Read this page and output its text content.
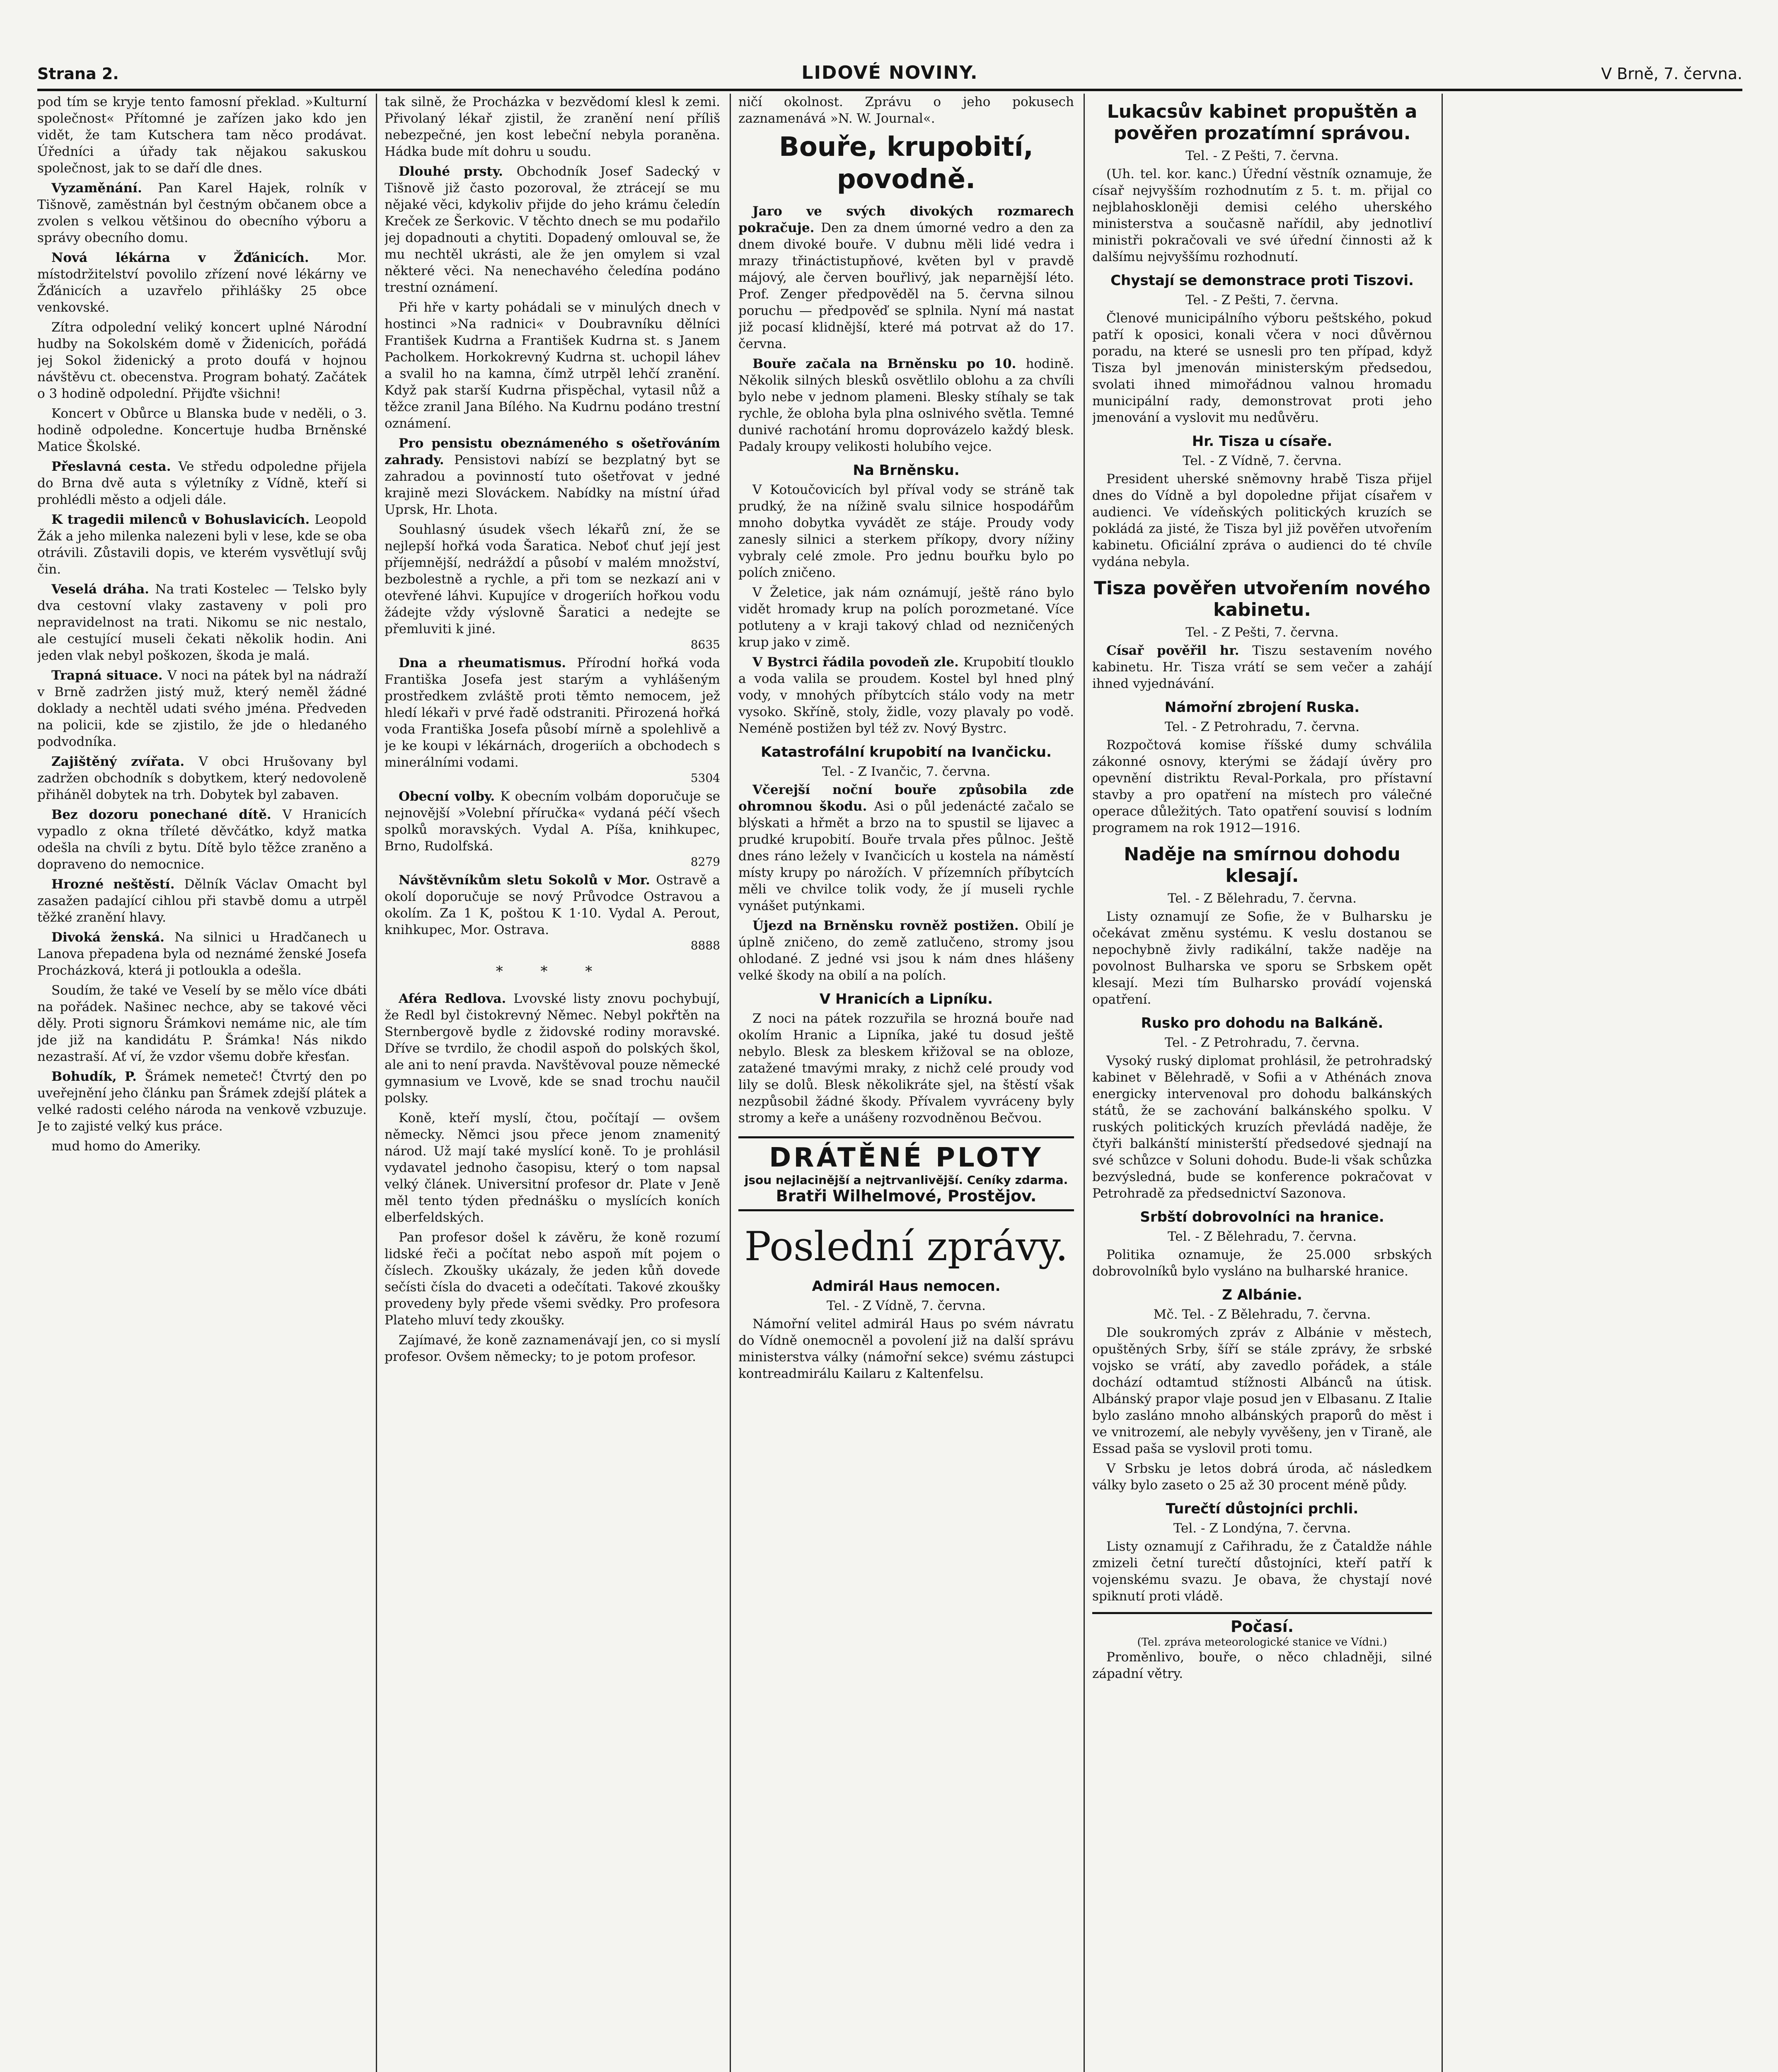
Strana 2.	LIDOVÉ NOVINY.	V Brně, 7. června.

pod tím se kryje tento famosní překlad. »Kulturní společnost« Přítomné je zařízen jako kdo jen vidět, že tam Kutschera tam něco prodávat. Úředníci a úřady tak nějakou sakuskou společnost, jak to se daří dle dnes.

Vyzaměnání. Pan Karel Hajek, rolník v Tišnově, zaměstnán byl čestným občanem obce a zvolen s velkou většinou do obecního výboru a správy obecního domu.

Nová lékárna v Žďánicích. Mor. místodržitelství povolilo zřízení nové lékárny ve Žďánicích a uzavřelo přihlášky 25 obce venkovské.

Zítra odpolední veliký koncert uplné Národní hudby na Sokolském domě v Židenicích, pořádá jej Sokol židenický a proto doufá v hojnou návštěvu ct. obecenstva. Program bohatý. Začátek o 3 hodině odpolední. Přijďte všichni!

Koncert v Obůrce u Blanska bude v neděli, o 3. hodině odpoledne. Koncertuje hudba Brněnské Matice Školské.

Přeslavná cesta. Ve středu odpoledne přijela do Brna dvě auta s výletníky z Vídně, kteří si prohlédli město a odjeli dále.

K tragedii milenců v Bohuslavicích. Leopold Žák a jeho milenka nalezeni byli v lese, kde se oba otrávili. Zůstavili dopis, ve kterém vysvětlují svůj čin.

Veselá dráha. Na trati Kostelec — Telsko byly dva cestovní vlaky zastaveny v poli pro nepravidelnost na trati. Nikomu se nic nestalo, ale cestující museli čekati několik hodin. Ani jeden vlak nebyl poškozen, škoda je malá.

Trapná situace. V noci na pátek byl na nádraží v Brně zadržen jistý muž, který neměl žádné doklady a nechtěl udati svého jména. Předveden na policii, kde se zjistilo, že jde o hledaného podvodníka.

Zajištěný zvířata. V obci Hrušovany byl zadržen obchodník s dobytkem, který nedovoleně přiháněl dobytek na trh. Dobytek byl zabaven.

Bez dozoru ponechané dítě. V Hranicích vypadlo z okna tříleté děvčátko, když matka odešla na chvíli z bytu. Dítě bylo těžce zraněno a dopraveno do nemocnice.

Hrozné neštěstí. Dělník Václav Omacht byl zasažen padající cihlou při stavbě domu a utrpěl těžké zranění hlavy.

Divoká ženská. Na silnici u Hradčanech u Lanova přepadena byla od neznámé ženské Josefa Procházková, která ji potloukla a odešla.

Soudím, že také ve Veselí by se mělo více dbáti na pořádek. Našinec nechce, aby se takové věci děly. Proti signoru Šrámkovi nemáme nic, ale tím jde již na kandidátu P. Šrámka! Nás nikdo nezastraší. Ať ví, že vzdor všemu dobře křesťan.

Bohudík, P. Šrámek nemeteč! Čtvrtý den po uveřejnění jeho článku pan Šrámek zdejší plátek a velké radosti celého národa na venkově vzbuzuje. Je to zajisté velký kus práce.

mud homo do Ameriky.

tak silně, že Procházka v bezvědomí klesl k zemi. Přivolaný lékař zjistil, že zranění není příliš nebezpečné, jen kost lebeční nebyla poraněna. Hádka bude mít dohru u soudu.

Dlouhé prsty. Obchodník Josef Sadecký v Tišnově již často pozoroval, že ztrácejí se mu nějaké věci, kdykoliv přijde do jeho krámu čeledín Kreček ze Šerkovic. V těchto dnech se mu podařilo jej dopadnouti a chytiti. Dopadený omlouval se, že mu nechtěl ukrásti, ale že jen omylem si vzal některé věci. Na nenechavého čeledína podáno trestní oznámení.

Při hře v karty pohádali se v minulých dnech v hostinci »Na radnici« v Doubravníku dělníci František Kudrna a František Kudrna st. s Janem Pacholkem. Horkokrevný Kudrna st. uchopil láhev a svalil ho na kamna, čímž utrpěl lehčí zranění. Když pak starší Kudrna přispěchal, vytasil nůž a těžce zranil Jana Bílého. Na Kudrnu podáno trestní oznámení.

Pro pensistu obeznámeného s ošetřováním zahrady. Pensistovi nabízí se bezplatný byt se zahradou a povinností tuto ošetřovat v jedné krajině mezi Slováckem. Nabídky na místní úřad Uprsk, Hr. Lhota.

Souhlasný úsudek všech lékařů zní, že se nejlepší hořká voda Šaratica. Neboť chuť její jest příjemnější, nedráždí a působí v malém množství, bezbolestně a rychle, a při tom se nezkazí ani v otevřené láhvi. Kupujíce v drogeriích hořkou vodu žádejte vždy výslovně Šaratici a nedejte se přemluviti k jiné.

8635

Dna a rheumatismus. Přírodní hořká voda Františka Josefa jest starým a vyhlášeným prostředkem zvláště proti těmto nemocem, jež hledí lékaři v prvé řadě odstraniti. Přirozená hořká voda Františka Josefa působí mírně a spolehlivě a je ke koupi v lékárnách, drogeriích a obchodech s minerálními vodami.

5304

Obecní volby. K obecním volbám doporučuje se nejnovější »Volební příručka« vydaná péčí všech spolků moravských. Vydal A. Píša, knihkupec, Brno, Rudolfská.

8279

Návštěvníkům sletu Sokolů v Mor. Ostravě a okolí doporučuje se nový Průvodce Ostravou a okolím. Za 1 K, poštou K 1·10. Vydal A. Perout, knihkupec, Mor. Ostrava.

8888
* * *

Aféra Redlova. Lvovské listy znovu pochybují, že Redl byl čistokrevný Němec. Nebyl pokřtěn na Sternbergově bydle z židovské rodiny moravské. Dříve se tvrdilo, že chodil aspoň do polských škol, ale ani to není pravda. Navštěvoval pouze německé gymnasium ve Lvově, kde se snad trochu naučil polsky.

Koně, kteří myslí, čtou, počítají — ovšem německy. Němci jsou přece jenom znamenitý národ. Už mají také myslící koně. To je prohlásil vydavatel jednoho časopisu, který o tom napsal velký článek. Universitní profesor dr. Plate v Jeně měl tento týden přednášku o myslících koních elberfeldských.

Pan profesor došel k závěru, že koně rozumí lidské řeči a počítat nebo aspoň mít pojem o číslech. Zkoušky ukázaly, že jeden kůň dovede sečísti čísla do dvaceti a odečítati. Takové zkoušky provedeny byly přede všemi svědky. Pro profesora Plateho mluví tedy zkoušky.

Zajímavé, že koně zaznamenávají jen, co si myslí profesor. Ovšem německy; to je potom profesor.

ničí okolnost. Zprávu o jeho pokusech zaznamenává »N. W. Journal«.

Bouře, krupobití, povodně.

Jaro ve svých divokých rozmarech pokračuje. Den za dnem úmorné vedro a den za dnem divoké bouře. V dubnu měli lidé vedra i mrazy třináctistupňové, květen byl v pravdě májový, ale červen bouřlivý, jak neparnější léto. Prof. Zenger předpověděl na 5. června silnou poruchu — předpověď se splnila. Nyní má nastat již pocasí klidnější, které má potrvat až do 17. června.

Bouře začala na Brněnsku po 10. hodině. Několik silných blesků osvětlilo oblohu a za chvíli bylo nebe v jednom plameni. Blesky stíhaly se tak rychle, že obloha byla plna oslnivého světla. Temné dunivé rachotání hromu doprovázelo každý blesk. Padaly kroupy velikosti holubího vejce.

Na Brněnsku.

V Kotoučovicích byl příval vody se stráně tak prudký, že na nížině svalu silnice hospodářům mnoho dobytka vyvádět ze stáje. Proudy vody zanesly silnici a sterkem příkopy, dvory nížiny vybraly celé zmole. Pro jednu bouřku bylo po polích zničeno.

V Želetice, jak nám oznámují, ještě ráno bylo vidět hromady krup na polích porozmetané. Více potluteny a v kraji takový chlad od nezničených krup jako v zimě.

V Bystrci řádila povodeň zle. Krupobití tlouklo a voda valila se proudem. Kostel byl hned plný vody, v mnohých příbytcích stálo vody na metr vysoko. Skříně, stoly, židle, vozy plavaly po vodě. Neméně postižen byl též zv. Nový Bystrc.

Katastrofální krupobití na Ivančicku.
Tel. - Z Ivančic, 7. června.

Včerejší noční bouře způsobila zde ohromnou škodu. Asi o půl jedenácté začalo se blýskati a hřmět a brzo na to spustil se lijavec a prudké krupobití. Bouře trvala přes půlnoc. Ještě dnes ráno ležely v Ivančicích u kostela na náměstí místy krupy po nárožích. V přízemních příbytcích měli ve chvilce tolik vody, že jí museli rychle vynášet putýnkami.

Újezd na Brněnsku rovněž postižen. Obilí je úplně zničeno, do země zatlučeno, stromy jsou ohlodané. Z jedné vsi jsou k nám dnes hlášeny velké škody na obilí a na polích.

V Hranicích a Lipníku.

Z noci na pátek rozzuřila se hrozná bouře nad okolím Hranic a Lipníka, jaké tu dosud ještě nebylo. Blesk za bleskem křižoval se na obloze, zatažené tmavými mraky, z nichž celé proudy vod lily se dolů. Blesk několikráte sjel, na štěstí však nezpůsobil žádné škody. Přívalem vyvráceny byly stromy a keře a unášeny rozvodněnou Bečvou.

DRÁTĚNÉ PLOTY
jsou nejlacinější a nejtrvanlivější. Ceníky zdarma.
Bratři Wilhelmové, Prostějov.
Poslední zprávy.
Admirál Haus nemocen.
Tel. - Z Vídně, 7. června.

Námořní velitel admirál Haus po svém návratu do Vídně onemocněl a povolení již na další správu ministerstva války (námořní sekce) svému zástupci kontreadmirálu Kailaru z Kaltenfelsu.

Lukacsův kabinet propuštěn a pověřen prozatímní správou.
Tel. - Z Pešti, 7. června.

(Uh. tel. kor. kanc.) Úřední věstník oznamuje, že císař nejvyšším rozhodnutím z 5. t. m. přijal co nejblahoskloněji demisi celého uherského ministerstva a současně nařídil, aby jednotliví ministři pokračovali ve své úřední činnosti až k dalšímu nejvyššímu rozhodnutí.

Chystají se demonstrace proti Tiszovi.
Tel. - Z Pešti, 7. června.

Členové municipálního výboru peštského, pokud patří k oposici, konali včera v noci důvěrnou poradu, na které se usnesli pro ten případ, když Tisza byl jmenován ministerským předsedou, svolati ihned mimořádnou valnou hromadu municipální rady, demonstrovat proti jeho jmenování a vyslovit mu nedůvěru.

Hr. Tisza u císaře.
Tel. - Z Vídně, 7. června.

President uherské sněmovny hrabě Tisza přijel dnes do Vídně a byl dopoledne přijat císařem v audienci. Ve vídeňských politických kruzích se pokládá za jisté, že Tisza byl již pověřen utvořením kabinetu. Oficiální zpráva o audienci do té chvíle vydána nebyla.

Tisza pověřen utvořením nového kabinetu.
Tel. - Z Pešti, 7. června.

Císař pověřil hr. Tiszu sestavením nového kabinetu. Hr. Tisza vrátí se sem večer a zahájí ihned vyjednávání.

Námořní zbrojení Ruska.
Tel. - Z Petrohradu, 7. června.

Rozpočtová komise říšské dumy schválila zákonné osnovy, kterými se žádají úvěry pro opevnění distriktu Reval-Porkala, pro přístavní stavby a pro opatření na místech pro válečné operace důležitých. Tato opatření souvisí s lodním programem na rok 1912—1916.

Naděje na smírnou dohodu klesají.
Tel. - Z Bělehradu, 7. června.

Listy oznamují ze Sofie, že v Bulharsku je očekávat změnu systému. K veslu dostanou se nepochybně živly radikální, takže naděje na povolnost Bulharska ve sporu se Srbskem opět klesají. Mezi tím Bulharsko provádí vojenská opatření.

Rusko pro dohodu na Balkáně.
Tel. - Z Petrohradu, 7. června.

Vysoký ruský diplomat prohlásil, že petrohradský kabinet v Bělehradě, v Sofii a v Athénách znova energicky intervenoval pro dohodu balkánských států, že se zachování balkánského spolku. V ruských politických kruzích převládá naděje, že čtyři balkánští ministerští předsedové sjednají na své schůzce v Soluni dohodu. Bude-li však schůzka bezvýsledná, bude se konference pokračovat v Petrohradě za předsednictví Sazonova.

Srbští dobrovolníci na hranice.
Tel. - Z Bělehradu, 7. června.

Politika oznamuje, že 25.000 srbských dobrovolníků bylo vysláno na bulharské hranice.

Z Albánie.
Mč. Tel. - Z Bělehradu, 7. června.

Dle soukromých zpráv z Albánie v městech, opuštěných Srby, šíří se stále zprávy, že srbské vojsko se vrátí, aby zavedlo pořádek, a stále dochází odtamtud stížnosti Albánců na útisk. Albánský prapor vlaje posud jen v Elbasanu. Z Italie bylo zasláno mnoho albánských praporů do měst i ve vnitrozemí, ale nebyly vyvěšeny, jen v Tiraně, ale Essad paša se vyslovil proti tomu.

V Srbsku je letos dobrá úroda, ač následkem války bylo zaseto o 25 až 30 procent méně půdy.

Turečtí důstojníci prchli.
Tel. - Z Londýna, 7. června.

Listy oznamují z Cařihradu, že z Čataldže náhle zmizeli četní turečtí důstojníci, kteří patří k vojenskému svazu. Je obava, že chystají nové spiknutí proti vládě.

Počasí.
(Tel. zpráva meteorologické stanice ve Vídni.)

Proměnlivo, bouře, o něco chladněji, silné západní větry.
